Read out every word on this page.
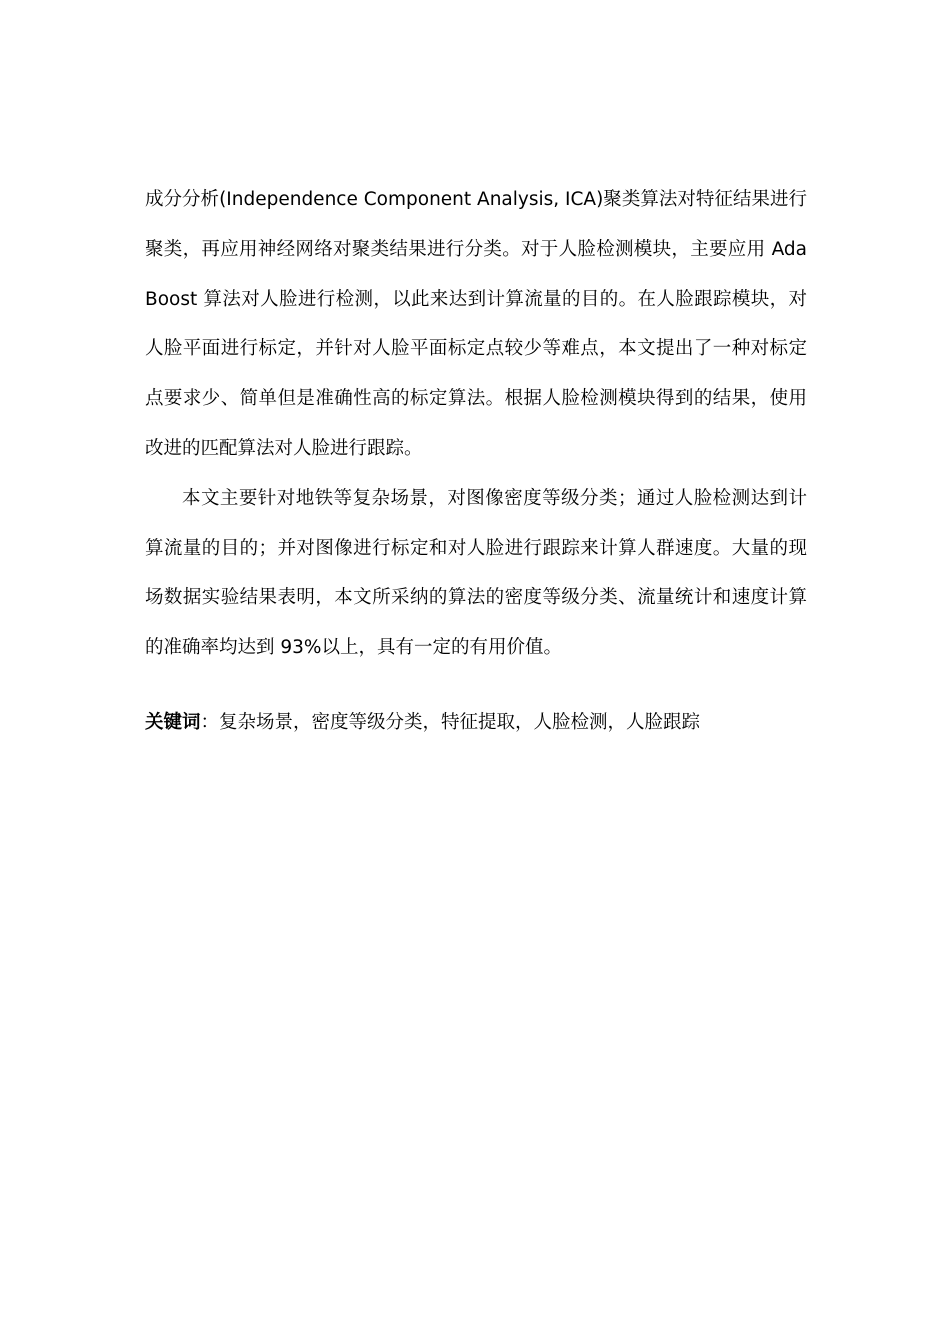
成分分析(Independence Component Analysis, ICA)聚类算法对特征结果进行聚类，再应用神经网络对聚类结果进行分类。对于人脸检测模块，主要应用 AdaBoost 算法对人脸进行检测，以此来达到计算流量的目的。在人脸跟踪模块，对人脸平面进行标定，并针对人脸平面标定点较少等难点，本文提出了一种对标定点要求少、简单但是准确性高的标定算法。根据人脸检测模块得到的结果，使用改进的匹配算法对人脸进行跟踪。

本文主要针对地铁等复杂场景，对图像密度等级分类；通过人脸检测达到计算流量的目的；并对图像进行标定和对人脸进行跟踪来计算人群速度。大量的现场数据实验结果表明，本文所采纳的算法的密度等级分类、流量统计和速度计算的准确率均达到 93%以上，具有一定的有用价值。

关键词：复杂场景，密度等级分类，特征提取，人脸检测，人脸跟踪
